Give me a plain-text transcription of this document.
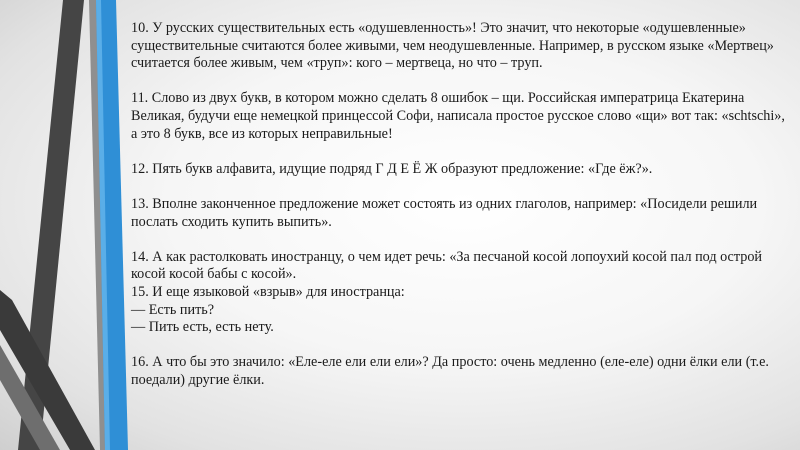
10. У русских существительных есть «одушевленность»! Это значит, что некоторые «одушевленные» существительные считаются более живыми, чем неодушевленные. Например, в русском языке «Мертвец» считается более живым, чем «труп»: кого – мертвеца, но что – труп.

11. Слово из двух букв, в котором можно сделать 8 ошибок – щи. Российская императрица Екатерина Великая, будучи еще немецкой принцессой Софи, написала простое русское слово «щи» вот так: «schtschi», а это 8 букв, все из которых неправильные!

12. Пять букв алфавита, идущие подряд Г Д Е Ё Ж образуют предложение: «Где ёж?».

13. Вполне законченное предложение может состоять из одних глаголов, например: «Посидели решили послать сходить купить выпить».

14. А как растолковать иностранцу, о чем идет речь: «За песчаной косой лопоухий косой пал под острой косой косой бабы с косой».

15. И еще языковой «взрыв» для иностранца:

— Есть пить?

— Пить есть, есть нету.

16. А что бы это значило: «Еле-еле ели ели ели»? Да просто: очень медленно (еле-еле) одни ёлки ели (т.е. поедали) другие ёлки.
